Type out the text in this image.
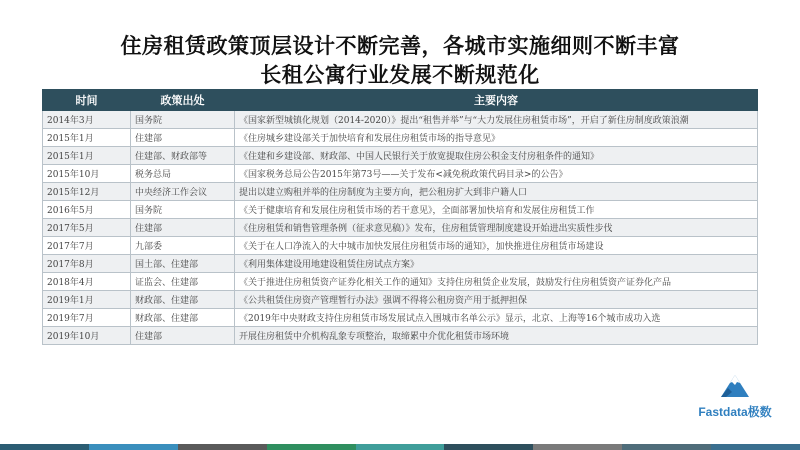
住房租赁政策顶层设计不断完善，各城市实施细则不断丰富
长租公寓行业发展不断规范化
时间	政策出处	主要内容
2014年3月	国务院	《国家新型城镇化规划（2014-2020）》提出“租售并举”与“大力发展住房租赁市场”，开启了新住房制度政策浪潮
2015年1月	住建部	《住房城乡建设部关于加快培育和发展住房租赁市场的指导意见》
2015年1月	住建部、财政部等	《住建和乡建设部、财政部、中国人民银行关于放宽提取住房公积金支付房租条件的通知》
2015年10月	税务总局	《国家税务总局公告2015年第73号——关于发布<减免税政策代码目录>的公告》
2015年12月	中央经济工作会议	提出以建立购租并举的住房制度为主要方向，把公租房扩大到非户籍人口
2016年5月	国务院	《关于健康培育和发展住房租赁市场的若干意见》，全面部署加快培育和发展住房租赁工作
2017年5月	住建部	《住房租赁和销售管理条例（征求意见稿）》发布，住房租赁管理制度建设开始进出实质性步伐
2017年7月	九部委	《关于在人口净流入的大中城市加快发展住房租赁市场的通知》，加快推进住房租赁市场建设
2017年8月	国土部、住建部	《利用集体建设用地建设租赁住房试点方案》
2018年4月	证监会、住建部	《关于推进住房租赁资产证券化相关工作的通知》支持住房租赁企业发展，鼓励发行住房租赁资产证券化产品
2019年1月	财政部、住建部	《公共租赁住房资产管理暂行办法》强调不得将公租房资产用于抵押担保
2019年7月	财政部、住建部	《2019年中央财政支持住房租赁市场发展试点入围城市名单公示》显示，北京、上海等16个城市成功入选
2019年10月	住建部	开展住房租赁中介机构乱象专项整治，取缔累中介优化租赁市场环境
Fastdata极数
